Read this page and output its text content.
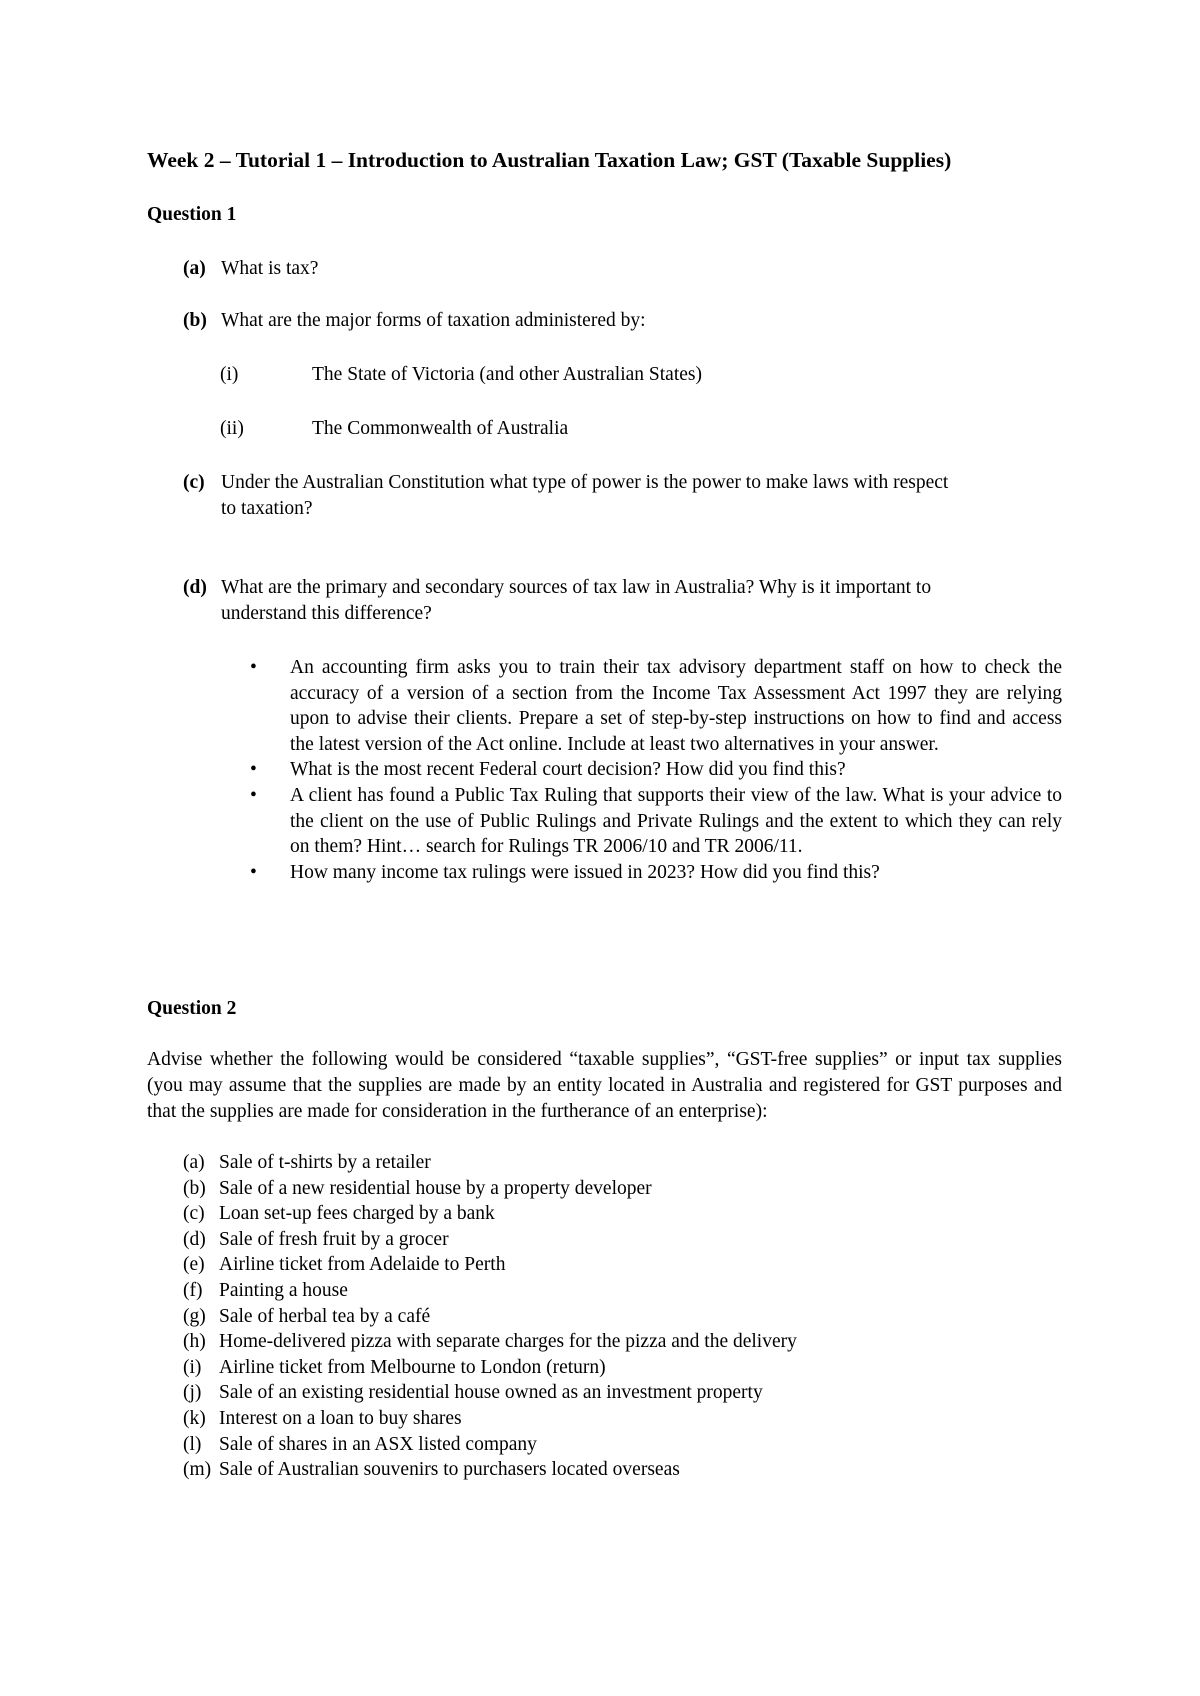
Week 2 – Tutorial 1 – Introduction to Australian Taxation Law; GST (Taxable Supplies)
Question 1
(a) What is tax?
(b) What are the major forms of taxation administered by:
(i)	The State of Victoria (and other Australian States)
(ii)	The Commonwealth of Australia
(c) Under the Australian Constitution what type of power is the power to make laws with respect
to taxation?
(d) What are the primary and secondary sources of tax law in Australia? Why is it important to
understand this difference?
• An accounting firm asks you to train their tax advisory department staff on how to check the accuracy of a version of a section from the Income Tax Assessment Act 1997 they are relying upon to advise their clients. Prepare a set of step-by-step instructions on how to find and access the latest version of the Act online. Include at least two alternatives in your answer.
• What is the most recent Federal court decision? How did you find this?
• A client has found a Public Tax Ruling that supports their view of the law. What is your advice to the client on the use of Public Rulings and Private Rulings and the extent to which they can rely on them? Hint… search for Rulings TR 2006/10 and TR 2006/11.
• How many income tax rulings were issued in 2023? How did you find this?
Question 2
Advise whether the following would be considered “taxable supplies”, “GST-free supplies” or input tax supplies (you may assume that the supplies are made by an entity located in Australia and registered for GST purposes and that the supplies are made for consideration in the furtherance of an enterprise):
(a) Sale of t-shirts by a retailer
(b) Sale of a new residential house by a property developer
(c) Loan set-up fees charged by a bank
(d) Sale of fresh fruit by a grocer
(e) Airline ticket from Adelaide to Perth
(f) Painting a house
(g) Sale of herbal tea by a café
(h) Home-delivered pizza with separate charges for the pizza and the delivery
(i) Airline ticket from Melbourne to London (return)
(j) Sale of an existing residential house owned as an investment property
(k) Interest on a loan to buy shares
(l) Sale of shares in an ASX listed company
(m) Sale of Australian souvenirs to purchasers located overseas
